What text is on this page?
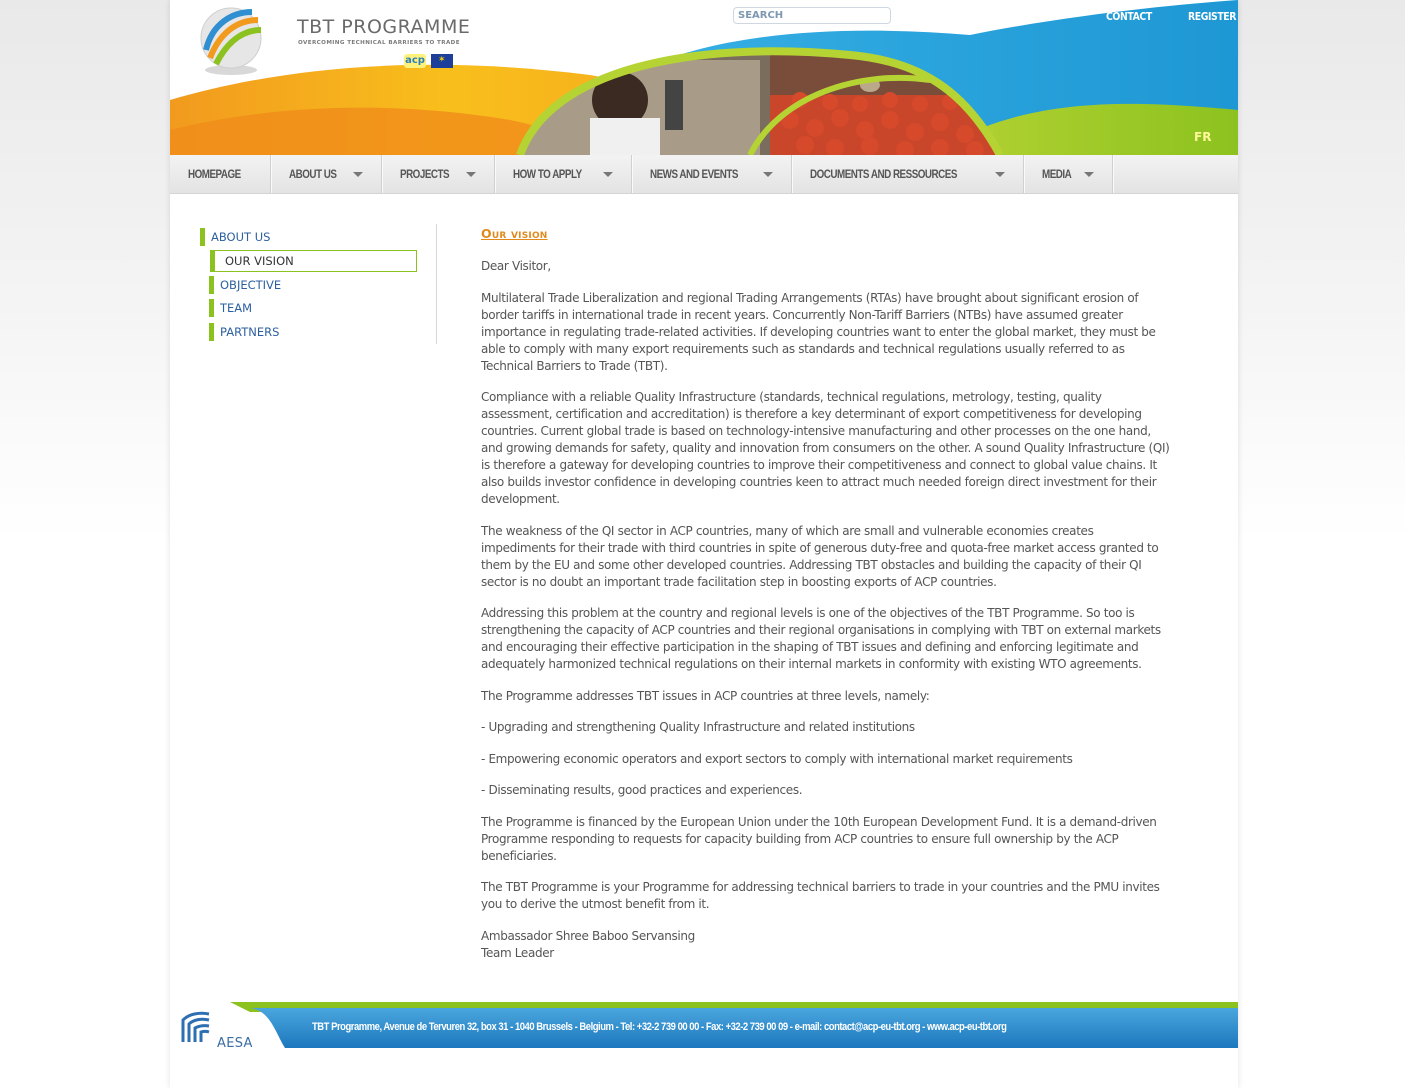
TBT PROGRAMME
OVERCOMING TECHNICAL BARRIERS TO TRADE
acp
✶
SEARCH
CONTACT	REGISTER
FR
HOMEPAGE	ABOUT US	PROJECTS	HOW TO APPLY	NEWS AND EVENTS	DOCUMENTS AND RESSOURCES	MEDIA
ABOUT US
OUR VISION
OBJECTIVE
TEAM
PARTNERS
Our vision

Dear Visitor,

Multilateral Trade Liberalization and regional Trading Arrangements (RTAs) have brought about significant erosion of border tariffs in international trade in recent years. Concurrently Non-Tariff Barriers (NTBs) have assumed greater importance in regulating trade-related activities. If developing countries want to enter the global market, they must be able to comply with many export requirements such as standards and technical regulations usually referred to as Technical Barriers to Trade (TBT).

Compliance with a reliable Quality Infrastructure (standards, technical regulations, metrology, testing, quality assessment, certification and accreditation) is therefore a key determinant of export competitiveness for developing countries. Current global trade is based on technology-intensive manufacturing and other processes on the one hand, and growing demands for safety, quality and innovation from consumers on the other. A sound Quality Infrastructure (QI) is therefore a gateway for developing countries to improve their competitiveness and connect to global value chains. It also builds investor confidence in developing countries keen to attract much needed foreign direct investment for their development.

The weakness of the QI sector in ACP countries, many of which are small and vulnerable economies creates impediments for their trade with third countries in spite of generous duty-free and quota-free market access granted to them by the EU and some other developed countries. Addressing TBT obstacles and building the capacity of their QI sector is no doubt an important trade facilitation step in boosting exports of ACP countries.

Addressing this problem at the country and regional levels is one of the objectives of the TBT Programme. So too is strengthening the capacity of ACP countries and their regional organisations in complying with TBT on external markets and encouraging their effective participation in the shaping of TBT issues and defining and enforcing legitimate and adequately harmonized technical regulations on their internal markets in conformity with existing WTO agreements.

The Programme addresses TBT issues in ACP countries at three levels, namely:

- Upgrading and strengthening Quality Infrastructure and related institutions

- Empowering economic operators and export sectors to comply with international market requirements

- Disseminating results, good practices and experiences.

The Programme is financed by the European Union under the 10th European Development Fund. It is a demand-driven Programme responding to requests for capacity building from ACP countries to ensure full ownership by the ACP beneficiaries.

The TBT Programme is your Programme for addressing technical barriers to trade in your countries and the PMU invites you to derive the utmost benefit from it.

Ambassador Shree Baboo Servansing

Team Leader

AESA
TBT Programme, Avenue de Tervuren 32, box 31 - 1040 Brussels - Belgium - Tel: +32-2 739 00 00 - Fax: +32-2 739 00 09 - e-mail: contact@acp-eu-tbt.org - www.acp-eu-tbt.org
